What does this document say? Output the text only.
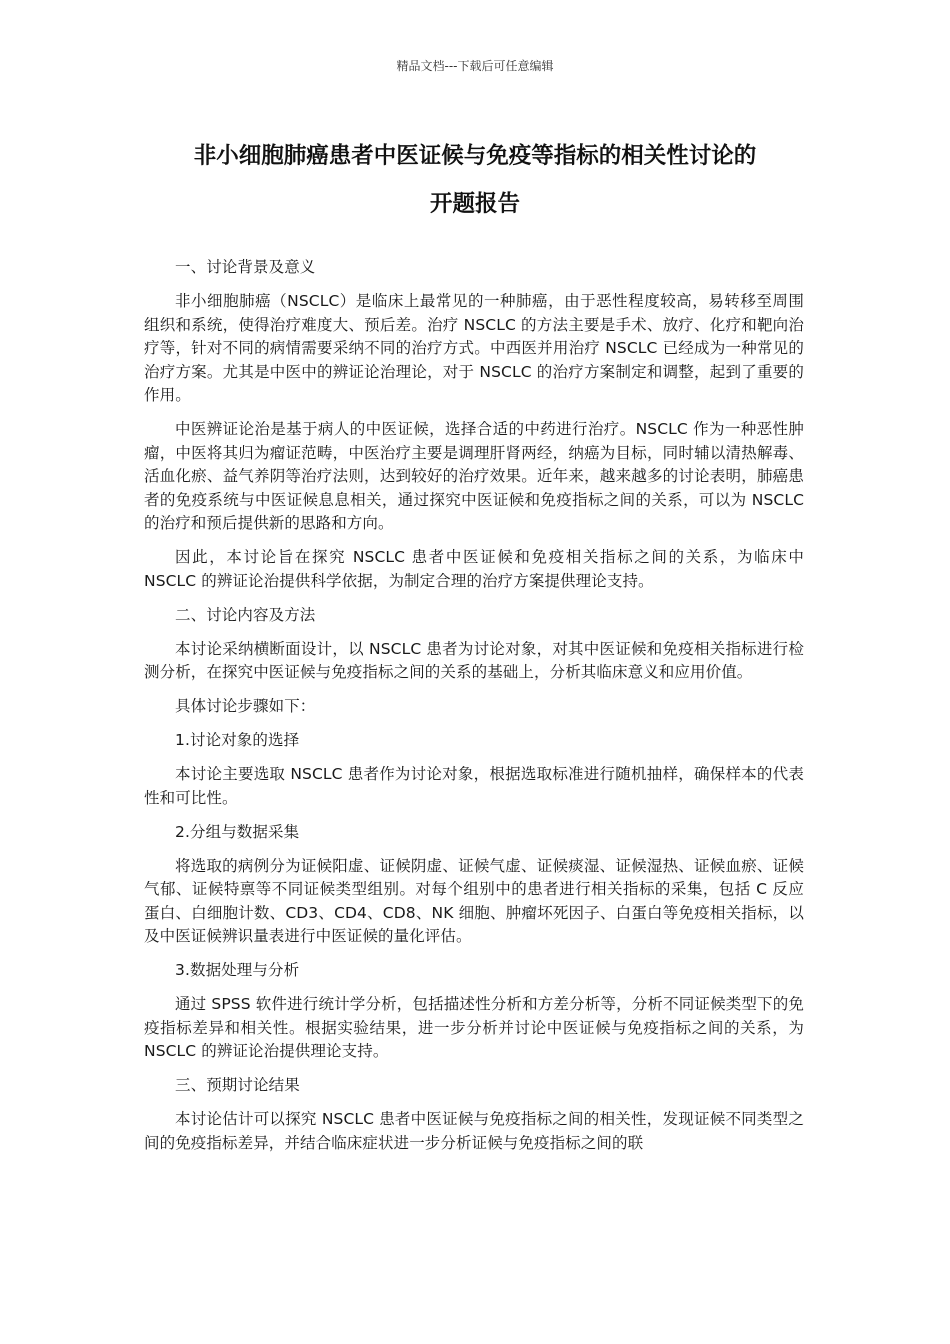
精品文档---下载后可任意编辑
非小细胞肺癌患者中医证候与免疫等指标的相关性讨论的
开题报告

一、讨论背景及意义

非小细胞肺癌（NSCLC）是临床上最常见的一种肺癌，由于恶性程度较高，易转移至周围组织和系统，使得治疗难度大、预后差。治疗 NSCLC 的方法主要是手术、放疗、化疗和靶向治疗等，针对不同的病情需要采纳不同的治疗方式。中西医并用治疗 NSCLC 已经成为一种常见的治疗方案。尤其是中医中的辨证论治理论，对于 NSCLC 的治疗方案制定和调整，起到了重要的作用。

中医辨证论治是基于病人的中医证候，选择合适的中药进行治疗。NSCLC 作为一种恶性肿瘤，中医将其归为瘤证范畴，中医治疗主要是调理肝肾两经，纳癌为目标，同时辅以清热解毒、活血化瘀、益气养阴等治疗法则，达到较好的治疗效果。近年来，越来越多的讨论表明，肺癌患者的免疫系统与中医证候息息相关，通过探究中医证候和免疫指标之间的关系，可以为 NSCLC 的治疗和预后提供新的思路和方向。

因此，本讨论旨在探究 NSCLC 患者中医证候和免疫相关指标之间的关系，为临床中 NSCLC 的辨证论治提供科学依据，为制定合理的治疗方案提供理论支持。

二、讨论内容及方法

本讨论采纳横断面设计，以 NSCLC 患者为讨论对象，对其中医证候和免疫相关指标进行检测分析，在探究中医证候与免疫指标之间的关系的基础上，分析其临床意义和应用价值。

具体讨论步骤如下：

1.讨论对象的选择

本讨论主要选取 NSCLC 患者作为讨论对象，根据选取标准进行随机抽样，确保样本的代表性和可比性。

2.分组与数据采集

将选取的病例分为证候阳虚、证候阴虚、证候气虚、证候痰湿、证候湿热、证候血瘀、证候气郁、证候特禀等不同证候类型组别。对每个组别中的患者进行相关指标的采集，包括 C 反应蛋白、白细胞计数、CD3、CD4、CD8、NK 细胞、肿瘤坏死因子、白蛋白等免疫相关指标，以及中医证候辨识量表进行中医证候的量化评估。

3.数据处理与分析

通过 SPSS 软件进行统计学分析，包括描述性分析和方差分析等，分析不同证候类型下的免疫指标差异和相关性。根据实验结果，进一步分析并讨论中医证候与免疫指标之间的关系，为 NSCLC 的辨证论治提供理论支持。

三、预期讨论结果

本讨论估计可以探究 NSCLC 患者中医证候与免疫指标之间的相关性，发现证候不同类型之间的免疫指标差异，并结合临床症状进一步分析证候与免疫指标之间的联
